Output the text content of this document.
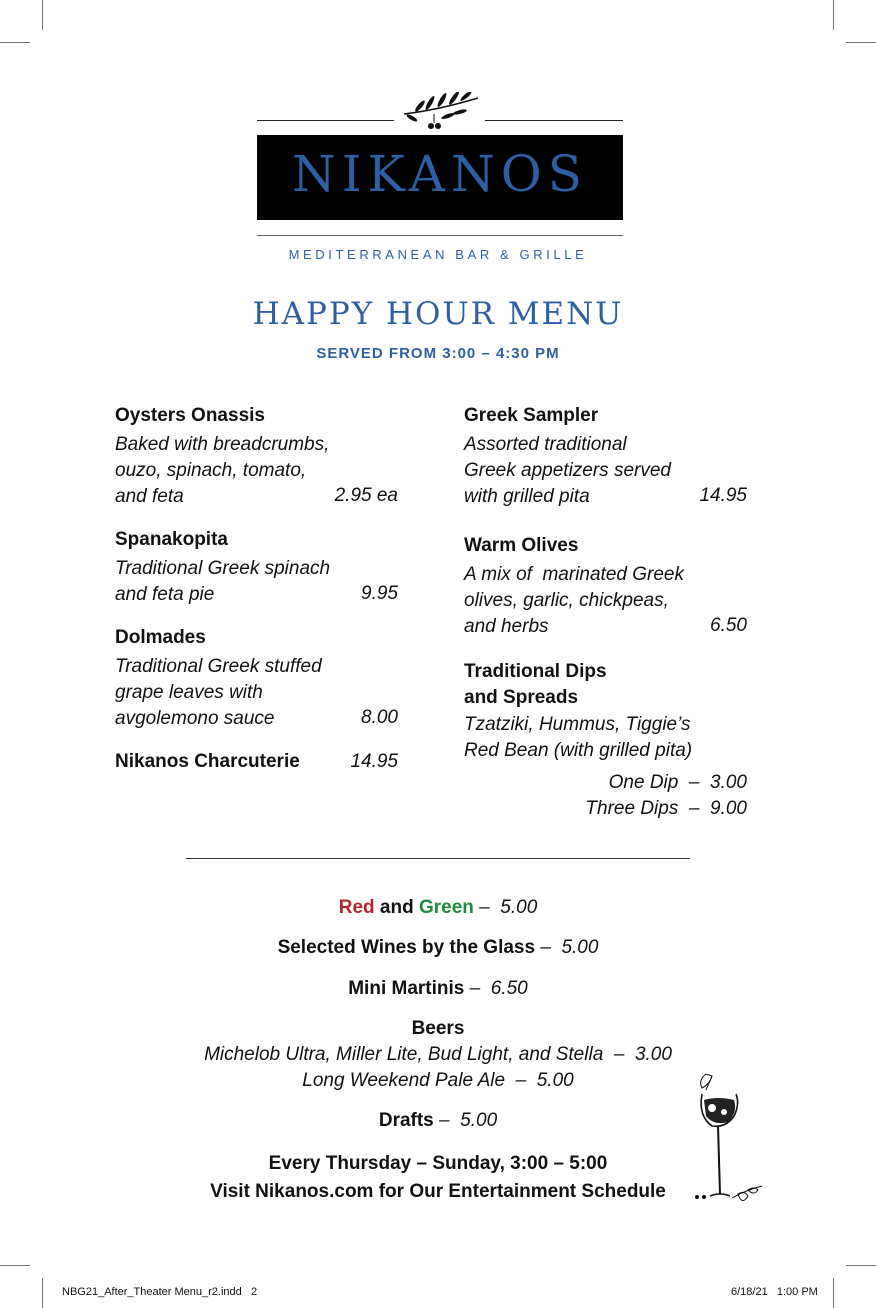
NIKANOS
MEDITERRANEAN BAR & GRILLE
HAPPY HOUR MENU
SERVED FROM 3:00 – 4:30 PM
Oysters Onassis
Baked with breadcrumbs,
ouzo, spinach, tomato,
and feta	2.95 ea
Spanakopita
Traditional Greek spinach
and feta pie	9.95
Dolmades
Traditional Greek stuffed
grape leaves with
avgolemono sauce	8.00
Nikanos Charcuterie	14.95
Greek Sampler
Assorted traditional
Greek appetizers served
with grilled pita	14.95
Warm Olives
A mix of  marinated Greek
olives, garlic, chickpeas,
and herbs	6.50
Traditional Dips
and Spreads
Tzatziki, Hummus, Tiggie’s
Red Bean (with grilled pita)
One Dip  –  3.00
Three Dips  –  9.00
Red and Green –  5.00
Selected Wines by the Glass –  5.00
Mini Martinis –  6.50
Beers
Michelob Ultra, Miller Lite, Bud Light, and Stella  –  3.00
Long Weekend Pale Ale  –  5.00
Drafts –  5.00
Every Thursday – Sunday, 3:00 – 5:00
Visit Nikanos.com for Our Entertainment Schedule
NBG21_After_Theater Menu_r2.indd   2	6/18/21   1:00 PM
